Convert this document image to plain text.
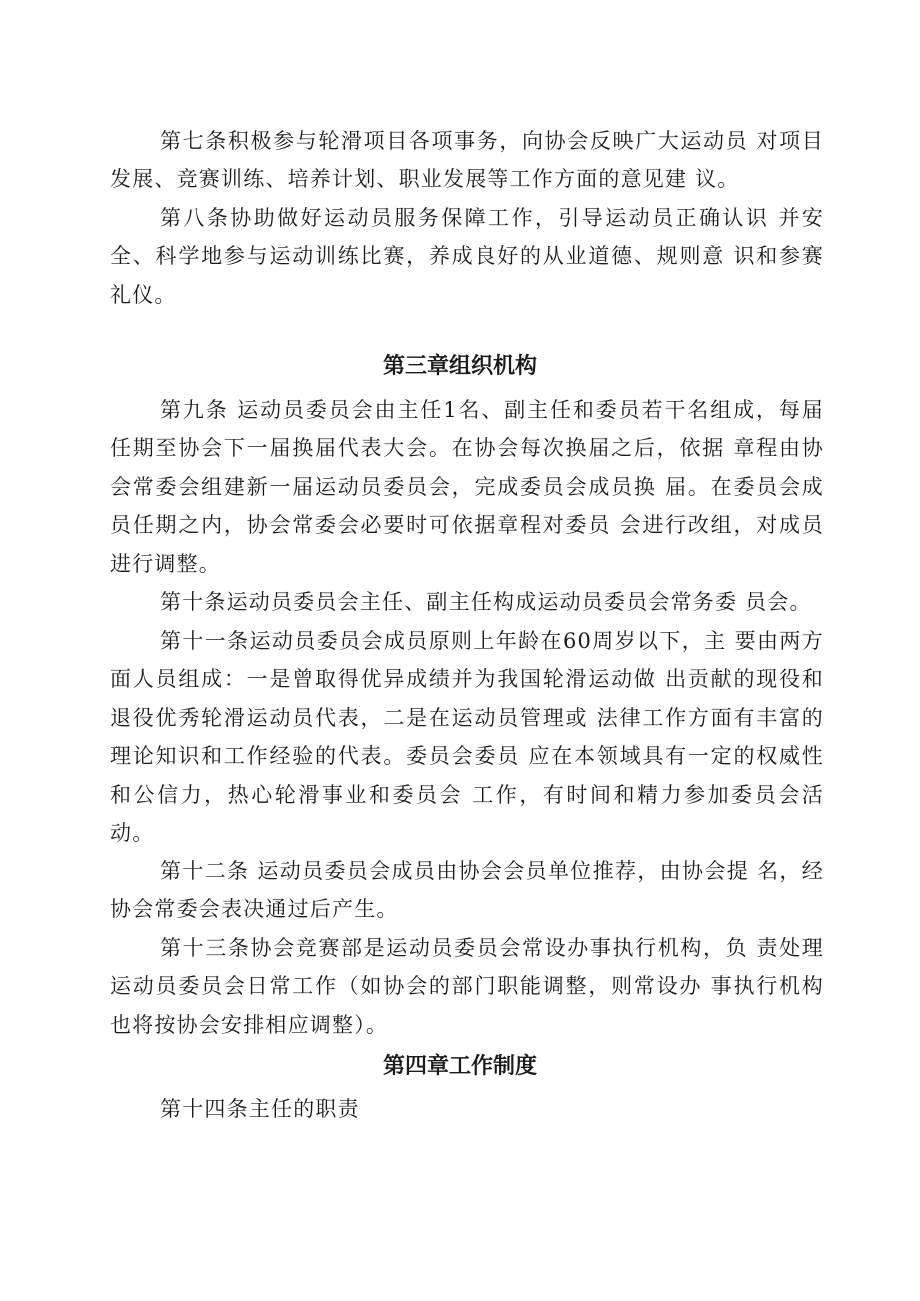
第七条积极参与轮滑项目各项事务，向协会反映广大运动员 对项目发展、竞赛训练、培养计划、职业发展等工作方面的意见建 议。

第八条协助做好运动员服务保障工作，引导运动员正确认识 并安全、科学地参与运动训练比赛，养成良好的从业道德、规则意 识和参赛礼仪。

第三章组织机构

第九条 运动员委员会由主任1名、副主任和委员若干名组成，每届任期至协会下一届换届代表大会。在协会每次换届之后，依据 章程由协会常委会组建新一届运动员委员会，完成委员会成员换 届。在委员会成员任期之内，协会常委会必要时可依据章程对委员 会进行改组，对成员进行调整。

第十条运动员委员会主任、副主任构成运动员委员会常务委 员会。

第十一条运动员委员会成员原则上年龄在60周岁以下，主 要由两方面人员组成：一是曾取得优异成绩并为我国轮滑运动做 出贡献的现役和退役优秀轮滑运动员代表，二是在运动员管理或 法律工作方面有丰富的理论知识和工作经验的代表。委员会委员 应在本领域具有一定的权威性和公信力，热心轮滑事业和委员会 工作，有时间和精力参加委员会活动。

第十二条 运动员委员会成员由协会会员单位推荐，由协会提 名，经协会常委会表决通过后产生。

第十三条协会竞赛部是运动员委员会常设办事执行机构，负 责处理运动员委员会日常工作（如协会的部门职能调整，则常设办 事执行机构也将按协会安排相应调整）。

第四章工作制度

第十四条主任的职责
